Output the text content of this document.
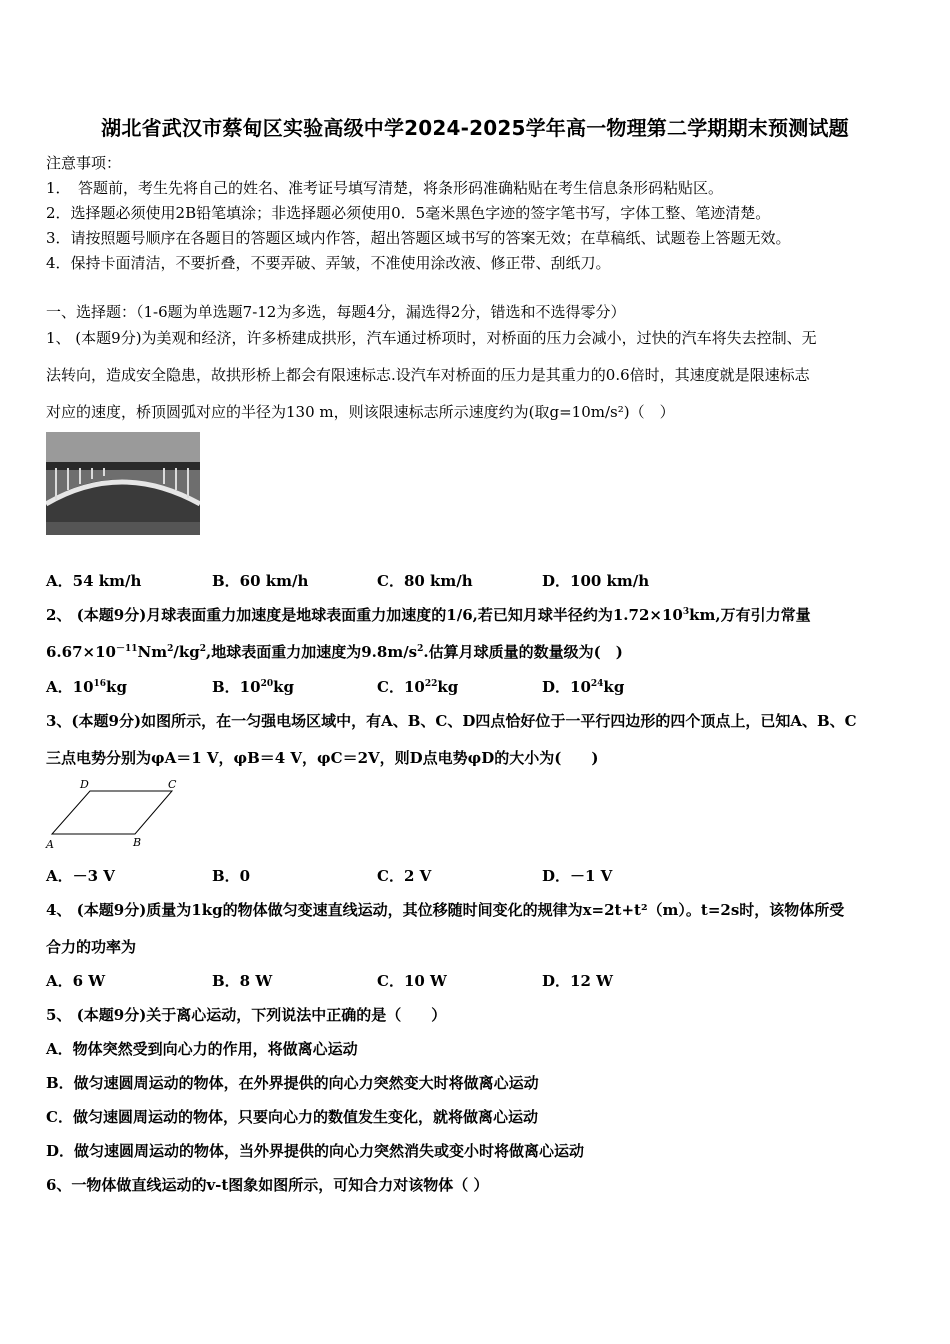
湖北省武汉市蔡甸区实验高级中学2024-2025学年高一物理第二学期期末预测试题
注意事项：
1．　答题前，考生先将自己的姓名、准考证号填写清楚，将条形码准确粘贴在考生信息条形码粘贴区。
2．选择题必须使用2B铅笔填涂；非选择题必须使用0．5毫米黑色字迹的签字笔书写，字体工整、笔迹清楚。
3．请按照题号顺序在各题目的答题区域内作答，超出答题区域书写的答案无效；在草稿纸、试题卷上答题无效。
4．保持卡面清洁，不要折叠，不要弄破、弄皱，不准使用涂改液、修正带、刮纸刀。
一、选择题：（1-6题为单选题7-12为多选，每题4分，漏选得2分，错选和不选得零分）
1、 (本题9分)为美观和经济，许多桥建成拱形，汽车通过桥项时，对桥面的压力会减小，过快的汽车将失去控制、无
法转向，造成安全隐患，故拱形桥上都会有限速标志.设汽车对桥面的压力是其重力的0.6倍时，其速度就是限速标志
对应的速度，桥顶圆弧对应的半径为130 m，则该限速标志所示速度约为(取g=10m/s²)（　）
A．54 km/h	B．60 km/h	C．80 km/h	D．100 km/h
2、 (本题9分)月球表面重力加速度是地球表面重力加速度的1/6,若已知月球半径约为$1.72\times 10^3km$,万有引力常量
$6.67\times 10^{-11}Nm^2/kg^2$,地球表面重力加速度为$9.8m/s^2$.估算月球质量的数量级为(　)
A．$10^{16}kg$	B．$10^{20}kg$	C．$10^{22}kg$	D．$10^{24}kg$
3、(本题9分)如图所示，在一匀强电场区域中，有A、B、C、D四点恰好位于一平行四边形的四个顶点上，已知A、B、C
三点电势分别为φA＝1 V，φB＝4 V，φC＝2V，则D点电势φD的大小为(　　)
D	C
A	B
A．－3 V	B．0	C．2 V	D．－1 V
4、 (本题9分)质量为1kg的物体做匀变速直线运动，其位移随时间变化的规律为x=2t+t²（m）。t=2s时，该物体所受
合力的功率为
A．6 W	B．8 W	C．10 W	D．12 W
5、 (本题9分)关于离心运动，下列说法中正确的是（　　）
A．物体突然受到向心力的作用，将做离心运动
B．做匀速圆周运动的物体，在外界提供的向心力突然变大时将做离心运动
C．做匀速圆周运动的物体，只要向心力的数值发生变化，就将做离心运动
D．做匀速圆周运动的物体，当外界提供的向心力突然消失或变小时将做离心运动
6、一物体做直线运动的v-t图象如图所示，可知合力对该物体（ ）
